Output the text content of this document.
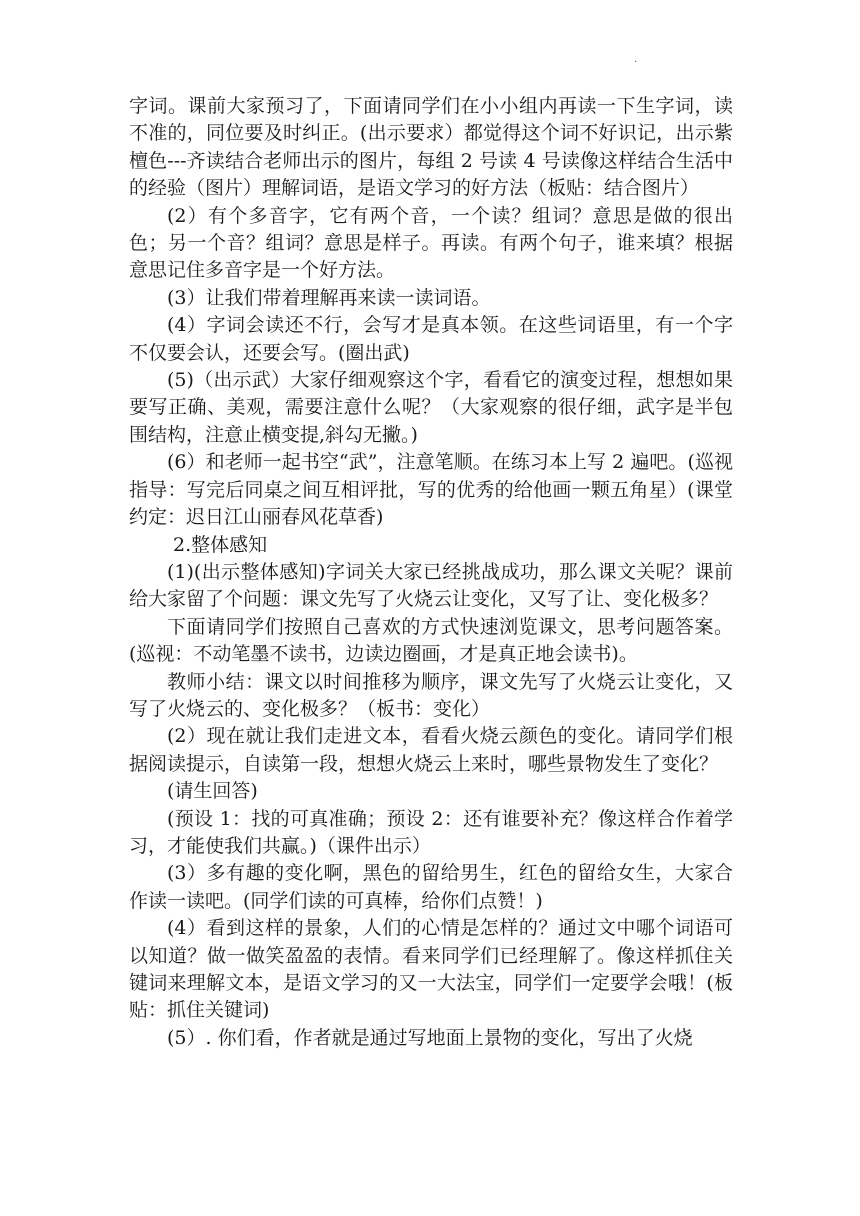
·

字词。课前大家预习了，下面请同学们在小小组内再读一下生字词，读不准的，同位要及时纠正。(出示要求）都觉得这个词不好识记，出示紫檀色---齐读结合老师出示的图片，每组 2 号读 4 号读像这样结合生活中的经验（图片）理解词语，是语文学习的好方法（板贴：结合图片）

(2）有个多音字，它有两个音，一个读？组词？意思是做的很出色；另一个音？组词？意思是样子。再读。有两个句子，谁来填？根据意思记住多音字是一个好方法。

(3）让我们带着理解再来读一读词语。

(4）字词会读还不行，会写才是真本领。在这些词语里，有一个字不仅要会认，还要会写。(圈出武)

(5)（出示武）大家仔细观察这个字，看看它的演变过程，想想如果要写正确、美观，需要注意什么呢？（大家观察的很仔细，武字是半包围结构，注意止横变提,斜勾无撇。)

(6）和老师一起书空“武”，注意笔顺。在练习本上写 2 遍吧。(巡视指导：写完后同桌之间互相评批，写的优秀的给他画一颗五角星）(课堂约定：迟日江山丽春风花草香)

2.整体感知

(1)(出示整体感知)字词关大家已经挑战成功，那么课文关呢？课前给大家留了个问题：课文先写了火烧云让变化，又写了让、变化极多？

下面请同学们按照自己喜欢的方式快速浏览课文，思考问题答案。(巡视：不动笔墨不读书，边读边圈画，才是真正地会读书)。

教师小结：课文以时间推移为顺序，课文先写了火烧云让变化，又写了火烧云的、变化极多？（板书：变化）

(2）现在就让我们走进文本，看看火烧云颜色的变化。请同学们根据阅读提示，自读第一段，想想火烧云上来时，哪些景物发生了变化？

(请生回答)

(预设 1：找的可真准确；预设 2：还有谁要补充？像这样合作着学习，才能使我们共赢。)（课件出示）

(3）多有趣的变化啊，黑色的留给男生，红色的留给女生，大家合作读一读吧。(同学们读的可真棒，给你们点赞！)

(4）看到这样的景象，人们的心情是怎样的？通过文中哪个词语可以知道？做一做笑盈盈的表情。看来同学们已经理解了。像这样抓住关键词来理解文本，是语文学习的又一大法宝，同学们一定要学会哦！(板贴：抓住关键词)

(5）. 你们看，作者就是通过写地面上景物的变化，写出了火烧
